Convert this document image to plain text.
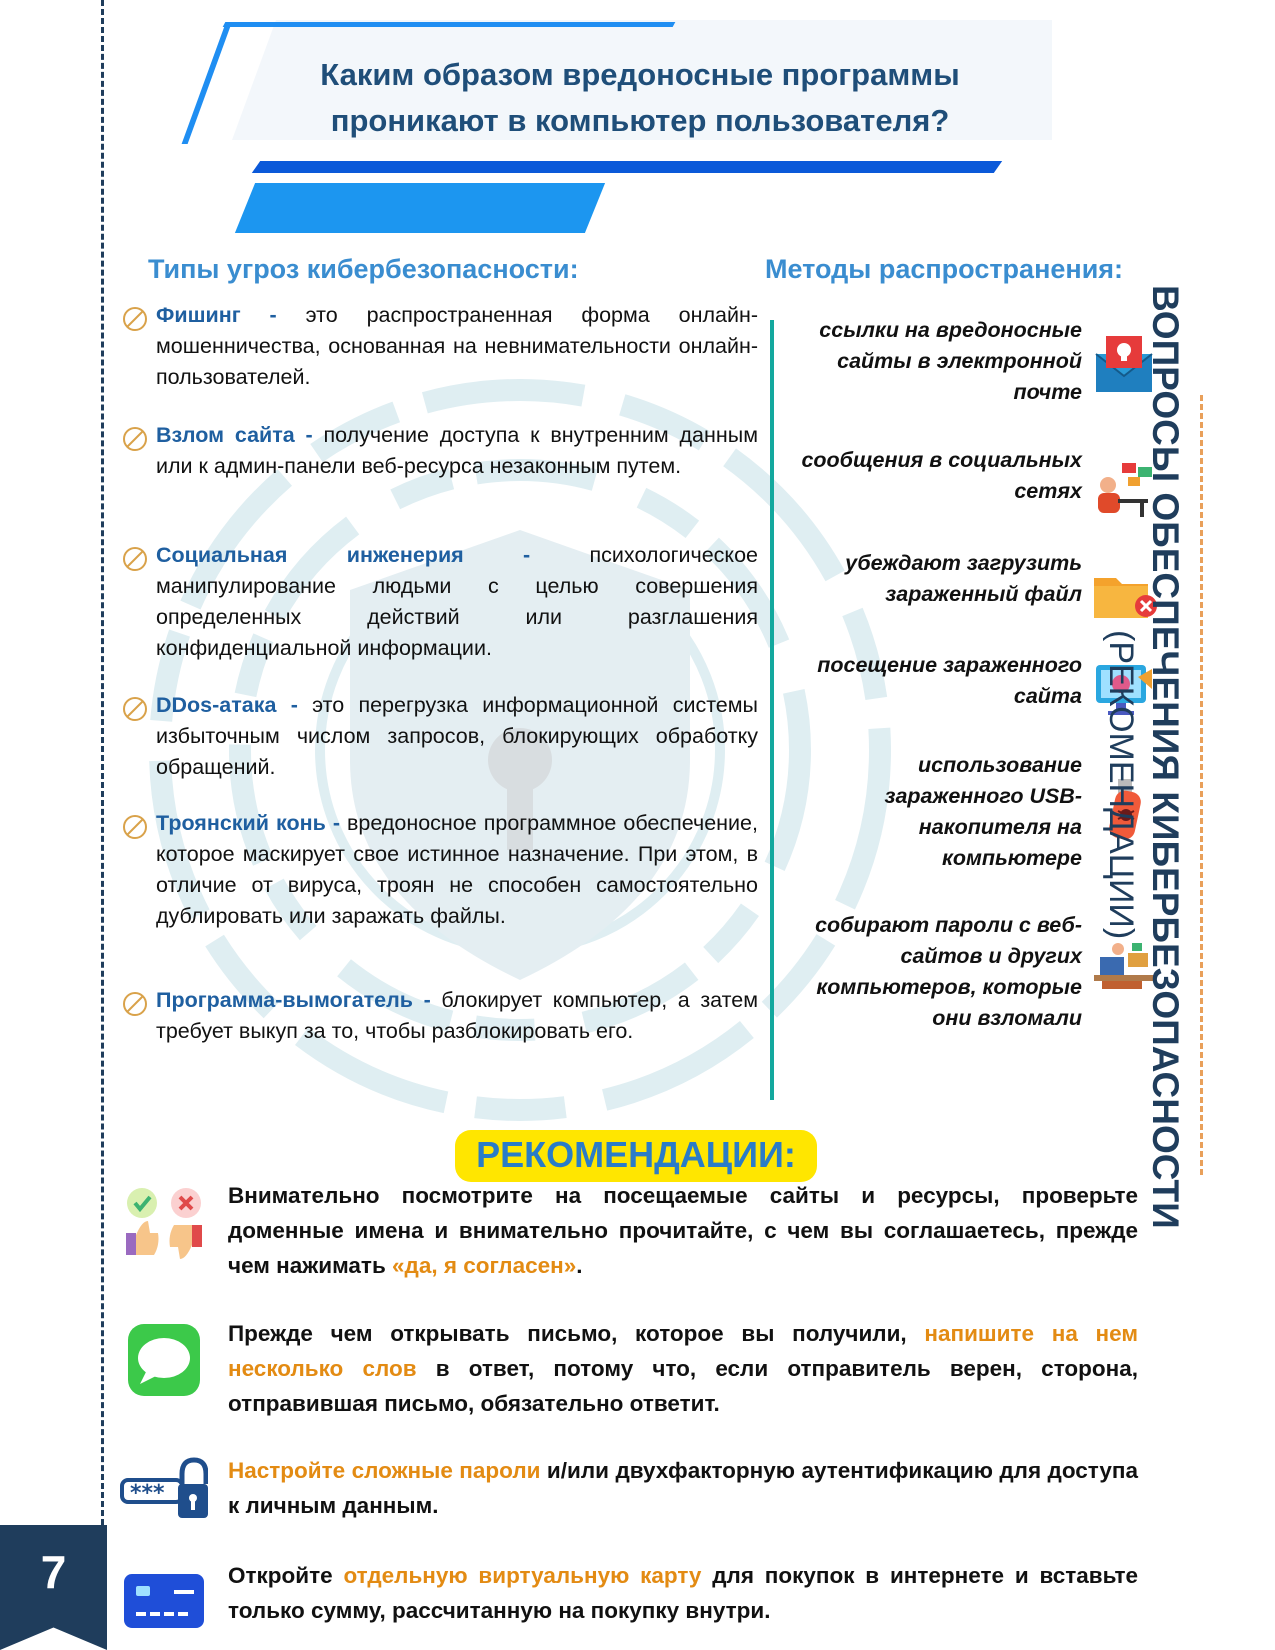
7
Каким образом вредоносные программы
проникают в компьютер пользователя?
Типы угроз кибербезопасности:	Методы распространения:

Фишинг - это распространенная форма онлайн-мошенничества, основанная на невнимательности онлайн-пользователей.

Взлом сайта - получение доступа к внутренним данным или к админ-панели веб-ресурса незаконным путем.

Социальная инженерия - психологическое манипулирование людьми с целью совершения определенных действий или разглашения конфиденциальной информации.

DDos-атака - это перегрузка информационной системы избыточным числом запросов, блокирующих обработку обращений.

Троянский конь - вредоносное программное обеспечение, которое маскирует свое истинное назначение. При этом, в отличие от вируса, троян не способен самостоятельно дублировать или заражать файлы.

Программа-вымогатель - блокирует компьютер, а затем требует выкуп за то, чтобы разблокировать его.

ссылки на вредоносные сайты в электронной почте
сообщения в социальных сетях
убеждают загрузить зараженный файл
посещение зараженного сайта
использование зараженного USB-накопителя на компьютере
собирают пароли с веб-сайтов и других компьютеров, которые они взломали ВОПРОСЫ ОБЕСПЕЧЕНИЯ КИБЕРБЕЗОПАСНОСТИ
(РЕКОМЕНДАЦИИ)
РЕКОМЕНДАЦИИ:

Внимательно посмотрите на посещаемые сайты и ресурсы, проверьте доменные имена и внимательно прочитайте, с чем вы соглашаетесь, прежде чем нажимать «да, я согласен».

Прежде чем открывать письмо, которое вы получили, напишите на нем несколько слов в ответ, потому что, если отправитель верен, сторона, отправившая письмо, обязательно ответит.

Настройте сложные пароли и/или двухфакторную аутентификацию для доступа к личным данным.

***

Откройте отдельную виртуальную карту для покупок в интернете и вставьте только сумму, рассчитанную на покупку внутри.
